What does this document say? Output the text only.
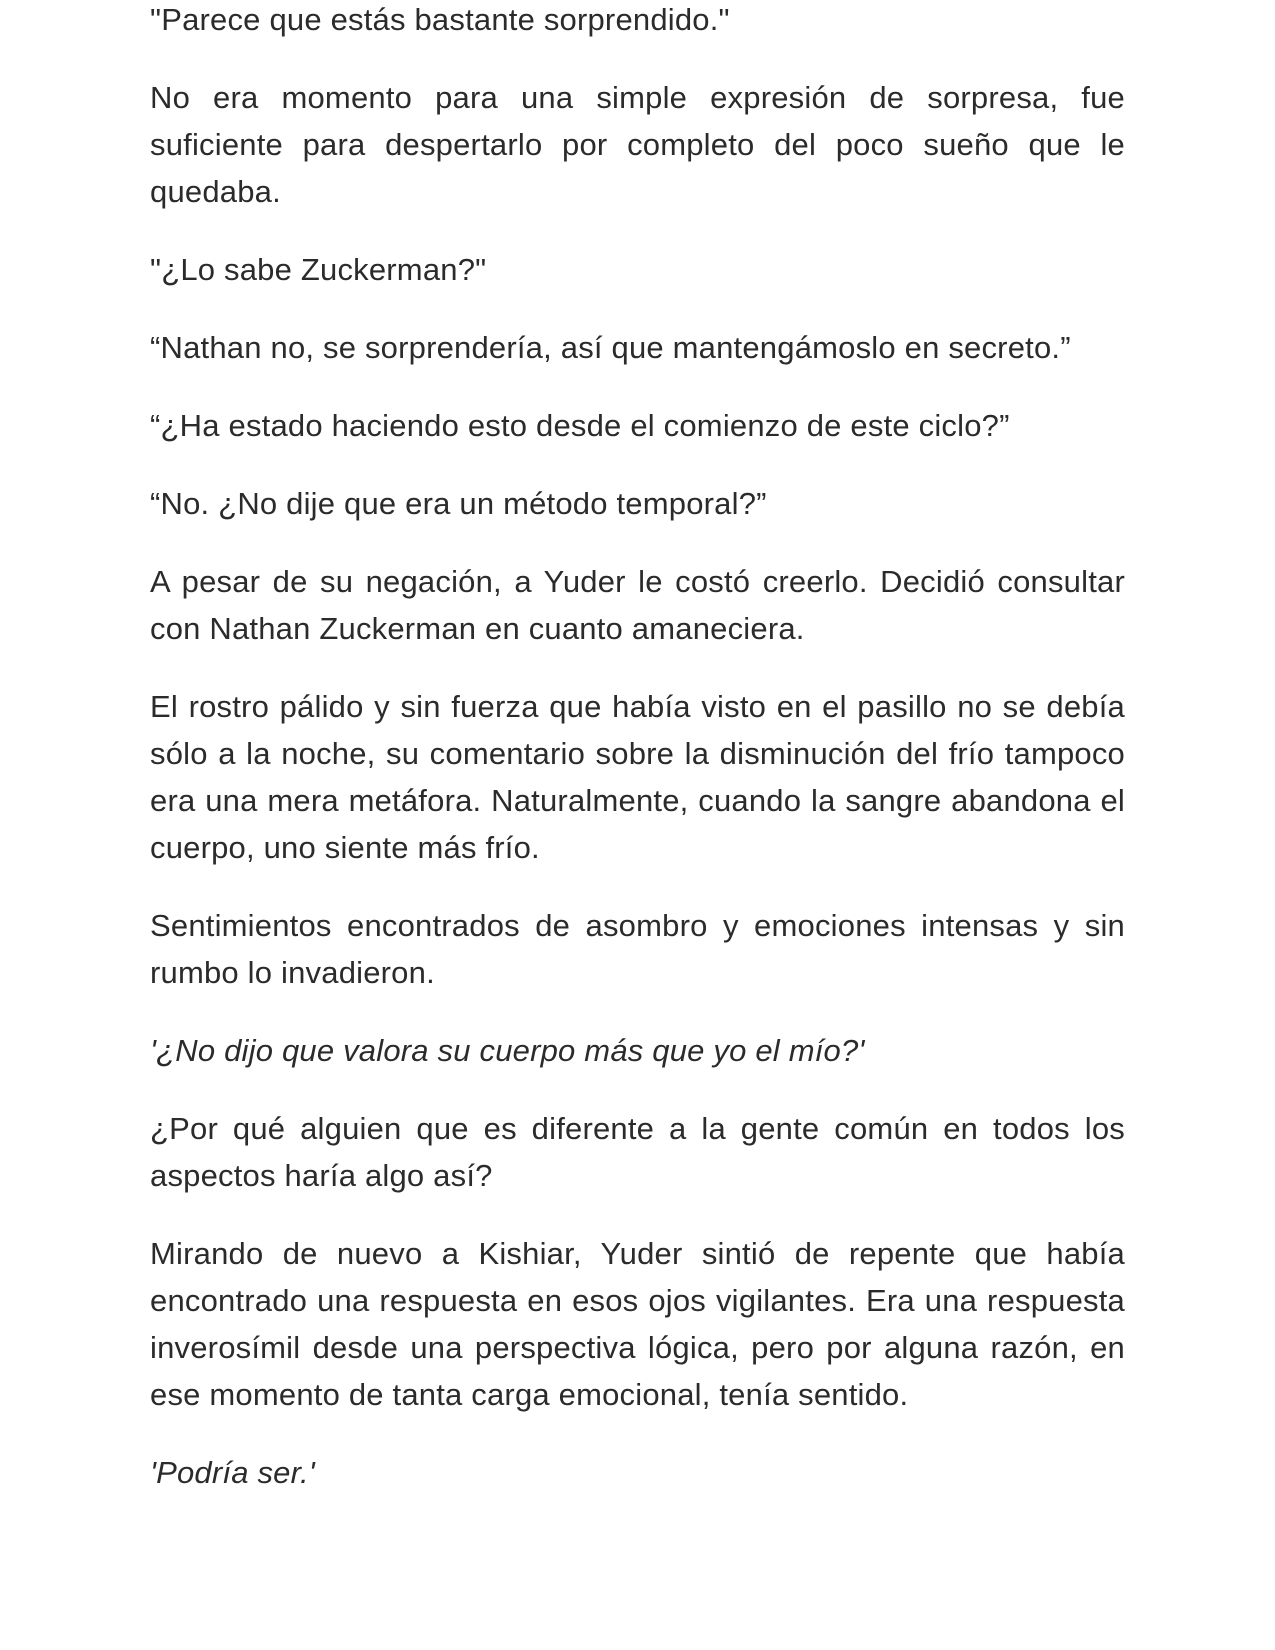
"Parece que estás bastante sorprendido."

No era momento para una simple expresión de sorpresa, fue suficiente para despertarlo por completo del poco sueño que le quedaba.

"¿Lo sabe Zuckerman?"

“Nathan no, se sorprendería, así que mantengámoslo en secreto.”

“¿Ha estado haciendo esto desde el comienzo de este ciclo?”

“No. ¿No dije que era un método temporal?”

A pesar de su negación, a Yuder le costó creerlo. Decidió consultar con Nathan Zuckerman en cuanto amaneciera.

El rostro pálido y sin fuerza que había visto en el pasillo no se debía sólo a la noche, su comentario sobre la disminución del frío tampoco era una mera metáfora. Naturalmente, cuando la sangre abandona el cuerpo, uno siente más frío.

Sentimientos encontrados de asombro y emociones intensas y sin rumbo lo invadieron.

'¿No dijo que valora su cuerpo más que yo el mío?'

¿Por qué alguien que es diferente a la gente común en todos los aspectos haría algo así?

Mirando de nuevo a Kishiar, Yuder sintió de repente que había encontrado una respuesta en esos ojos vigilantes. Era una respuesta inverosímil desde una perspectiva lógica, pero por alguna razón, en ese momento de tanta carga emocional, tenía sentido.

'Podría ser.'
